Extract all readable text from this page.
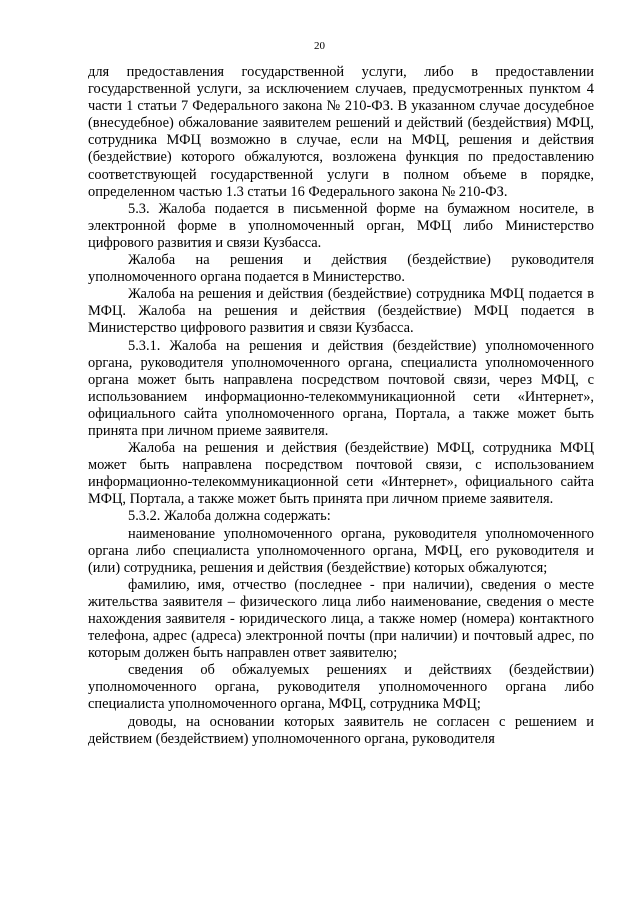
20

для предоставления государственной услуги, либо в предоставлении государственной услуги, за исключением случаев, предусмотренных пунктом 4 части 1 статьи 7 Федерального закона № 210-ФЗ. В указанном случае досудебное (внесудебное) обжалование заявителем решений и действий (бездействия) МФЦ, сотрудника МФЦ возможно в случае, если на МФЦ, решения и действия (бездействие) которого обжалуются, возложена функция по предоставлению соответствующей государственной услуги в полном объеме в порядке, определенном частью 1.3 статьи 16 Федерального закона № 210-ФЗ.

5.3. Жалоба подается в письменной форме на бумажном носителе, в электронной форме в уполномоченный орган, МФЦ либо Министерство цифрового развития и связи Кузбасса.

Жалоба на решения и действия (бездействие) руководителя уполномоченного органа подается в Министерство.

Жалоба на решения и действия (бездействие) сотрудника МФЦ подается в МФЦ. Жалоба на решения и действия (бездействие) МФЦ подается в Министерство цифрового развития и связи Кузбасса.

5.3.1. Жалоба на решения и действия (бездействие) уполномоченного органа, руководителя уполномоченного органа, специалиста уполномоченного органа может быть направлена посредством почтовой связи, через МФЦ, с использованием информационно-телекоммуникационной сети «Интернет», официального сайта уполномоченного органа, Портала, а также может быть принята при личном приеме заявителя.

Жалоба на решения и действия (бездействие) МФЦ, сотрудника МФЦ может быть направлена посредством почтовой связи, с использованием информационно-телекоммуникационной сети «Интернет», официального сайта МФЦ, Портала, а также может быть принята при личном приеме заявителя.

5.3.2. Жалоба должна содержать:

наименование уполномоченного органа, руководителя уполномоченного органа либо специалиста уполномоченного органа, МФЦ, его руководителя и (или) сотрудника, решения и действия (бездействие) которых обжалуются;

фамилию, имя, отчество (последнее - при наличии), сведения о месте жительства заявителя – физического лица либо наименование, сведения о месте нахождения заявителя - юридического лица, а также номер (номера) контактного телефона, адрес (адреса) электронной почты (при наличии) и почтовый адрес, по которым должен быть направлен ответ заявителю;

сведения об обжалуемых решениях и действиях (бездействии) уполномоченного органа, руководителя уполномоченного органа либо специалиста уполномоченного органа, МФЦ, сотрудника МФЦ;

доводы, на основании которых заявитель не согласен с решением и действием (бездействием) уполномоченного органа, руководителя
